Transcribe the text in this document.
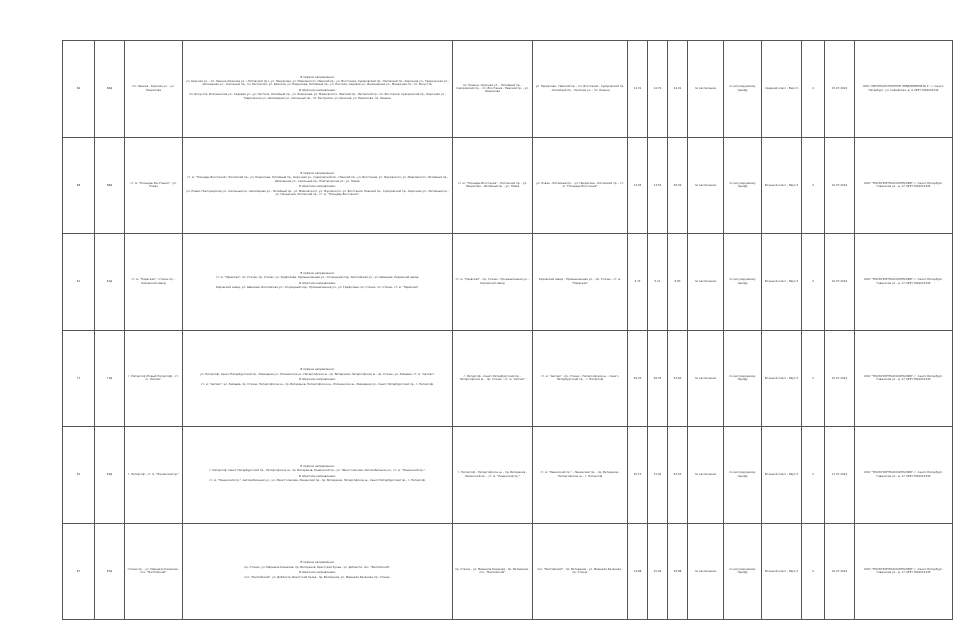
66	66Д	пл. Ленина - Красная ул. - ул. Некрасова	В прямом направлении:
ул. Красная ул. - пл. Ленина (Красная ул. / Литовский пр.), ул. Некрасова, ул. Маяковского, Невский пр., ул. Восстания, Суворовский пр., Лиговский пр., Кирочная ул., Таврическая ул., Шпалерная ул., Смольный пр., пл. Растрелли, ул. Красная, ул. Некрасова, Литейный пр., ул. Пестеля, Садовая ул., Инженерная ул., Манежная пл., пл. Искусств.
В обратном направлении:
пл. Искусств, Итальянская ул., Садовая ул., ул. Пестеля, Литейный пр., ул. Некрасова, ул. Маяковского, Невский пр., Лиговский пр., пл. Восстания, Суворовский пр., Кирочная ул., Таврическая ул., Шпалерная ул., Смольный пр., пл. Растрелли, ул. Красная, ул. Некрасова, пл. Ленина.	пл. Ленина - Красная ул. - Литейный пр. - Суворовский пр. - пл. Восстания - Невский пр. - ул. Некрасова	ул. Некрасова - Невский пр. - пл. Восстания - Суворовский пр. - Литейный пр. - Красная ул. - пл. Ленина	11,31	12,70	24,01	по расписанию	по регулируемому тарифу	Средний класс - Евро 5	4	15.07.2022	ООО "АВТОТРАНСПОРТНОЕ ПРЕДПРИЯТИЕ № 1", г. Санкт-Петербург, ул. Софийская, д. 4, ИНН 7816001234
68	68Д	ст. м. "Площадь Восстания" - ул. Новая	В прямом направлении:
ст. м. "Площадь Восстания", Лиговский пр., ул. Некрасова, Литейный пр., Кирочная ул., Суворовский пр., Невский пр., ул. Восстания, ул. Жуковского, ул. Маяковского, Литейный пр., Шпалерная ул., Смольный пр., Новгородская ул., ул. Новая.
В обратном направлении:
ул. Новая, Новгородская ул., Смольный пр., Шпалерная ул., Литейный пр., ул. Маяковского, ул. Жуковского, ул. Восстания, Невский пр., Суворовский пр., Кирочная ул., Литейный пр., ул. Некрасова, Лиговский пр., ст. м. "Площадь Восстания".	ст. м. "Площадь Восстания" - Лиговский пр. - ул. Некрасова - Литейный пр. - ул. Новая	ул. Новая - Литейный пр. - ул. Некрасова - Лиговский пр. - ст. м. "Площадь Восстания"	13,05	13,54	26,59	по расписанию	по регулируемому тарифу	Большой класс - Евро 5	4	10.07.2022	ООО "ТРАНСПОРТНАЯ КОМПАНИЯ", г. Санкт-Петербург, Гаванская ул., д. 17, ИНН 7801012345
61	61Д	ст. м. "Нарвская" - Стачек пр. - Кировский завод	В прямом направлении:
ст. м. "Нарвская", пл. Стачек, пр. Стачек, ул. Трефолева, Промышленная ул., Огородный пер., Балтийская ул., ул. Швецова, Кировский завод.
В обратном направлении:
Кировский завод, ул. Швецова, Балтийская ул., Огородный пер., Промышленная ул., ул. Трефолева, пр. Стачек, пл. Стачек, ст. м. "Нарвская".	ст. м. "Нарвская" - пр. Стачек - Промышленная ул. - Кировский завод	Кировский завод - Промышленная ул. - пр. Стачек - ст. м. "Нарвская"	4,72	5,11	9,83	по расписанию	по регулируемому тарифу	Большой класс - Евро 5	4	10.07.2022	ООО "ТРАНСПОРТНАЯ КОМПАНИЯ", г. Санкт-Петербург, Гаванская ул., д. 17, ИНН 7801012345
77	77Д	г. Петергоф (Новый Петергоф) - ст. м. "Автово"	В прямом направлении:
ул. Петергоф, Санкт-Петербургский пр., Разводная ул., Ропшинское ш., Петергофское ш., пр. Ветеранов, Петергофское ш., пр. Стачек, ул. Зайцева, ст. м. "Автово".
В обратном направлении:
ст. м. "Автово", ул. Зайцева, пр. Стачек, Петергофское ш., пр. Ветеранов, Петергофское ш., Ропшинское ш., Разводная ул., Санкт-Петербургский пр., г. Петергоф.	г. Петергоф - Санкт-Петербургский пр. - Петергофское ш. - пр. Стачек - ст. м. "Автово"	ст. м. "Автово" - пр. Стачек - Петергофское ш. - Санкт-Петербургский пр. - г. Петергоф	26,25	26,35	52,60	по расписанию	по регулируемому тарифу	Большой класс - Евро 5	4	15.07.2022	ООО "ТРАНСПОРТНАЯ КОМПАНИЯ", г. Санкт-Петербург, Гаванская ул., д. 17, ИНН 7801012345
81	81Д	г. Петергоф - ст. м. "Ленинский пр."	В прямом направлении:
г. Петергоф, Санкт-Петербургский пр., Петергофское ш., пр. Ветеранов, Ленинский пр., ул. Лёни Голикова, Автомобильная ул., ст. м. "Ленинский пр.".
В обратном направлении:
ст. м. "Ленинский пр.", Автомобильная ул., ул. Лёни Голикова, Ленинский пр., пр. Ветеранов, Петергофское ш., Санкт-Петербургский пр., г. Петергоф.	г. Петергоф - Петергофское ш. - пр. Ветеранов - Ленинский пр. - ст. м. "Ленинский пр."	ст. м. "Ленинский пр." - Ленинский пр. - пр. Ветеранов - Петергофское ш. - г. Петергоф	30,15	31,40	61,55	по расписанию	по регулируемому тарифу	Большой класс - Евро 5	3	17.07.2022	ООО "ТРАНСПОРТНАЯ КОМПАНИЯ", г. Санкт-Петербург, Гаванская ул., д. 17, ИНН 7801012345
87	87Д	Стачек пр. - ул. Маршала Казакова - пос. "Балтийский"	В прямом направлении:
пр. Стачек, ул. Маршала Казакова, пр. Ветеранов, Брестский бульв., ул. Доблести, пос. "Балтийский".
В обратном направлении:
пос. "Балтийский", ул. Доблести, Брестский бульв., пр. Ветеранов, ул. Маршала Казакова, пр. Стачек.	пр. Стачек - ул. Маршала Казакова - пр. Ветеранов - пос. "Балтийский"	пос. "Балтийский" - пр. Ветеранов - ул. Маршала Казакова - пр. Стачек	14,88	15,00	29,88	по расписанию	по регулируемому тарифу	Большой класс - Евро 5	4	10.07.2022	ООО "ТРАНСПОРТНАЯ КОМПАНИЯ", г. Санкт-Петербург, Гаванская ул., д. 17, ИНН 7801012345
